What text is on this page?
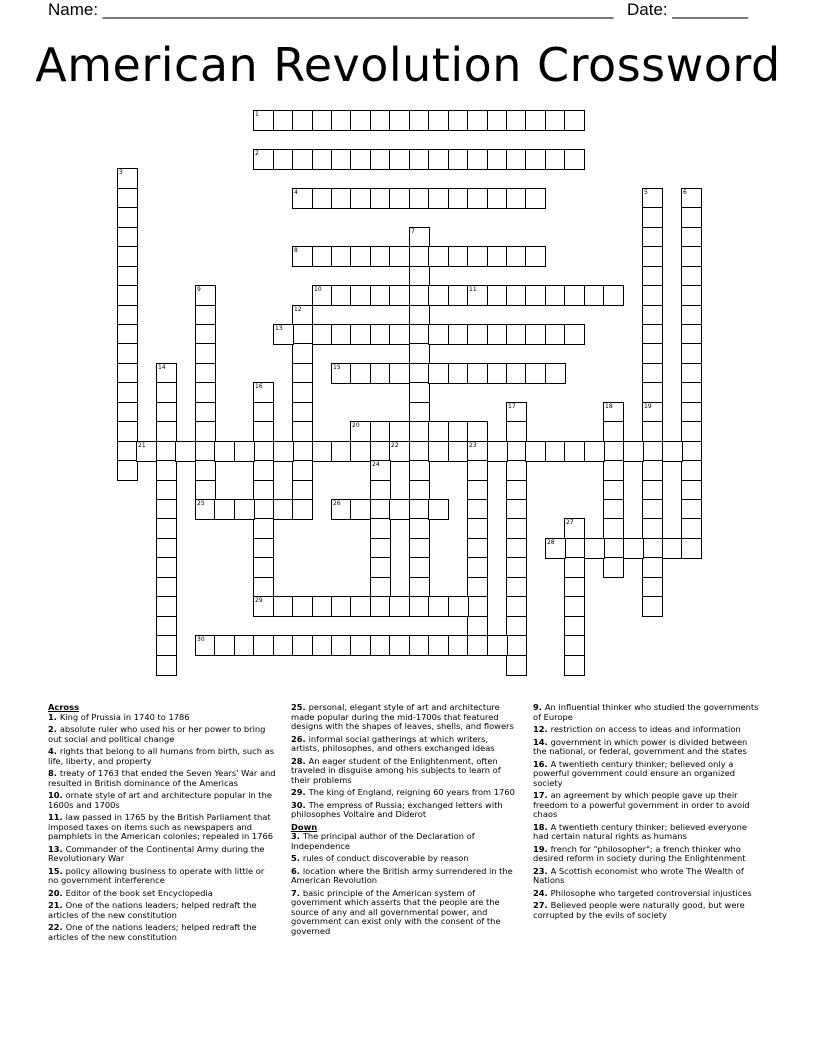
Name: ______________________________________________________ Date: ________
American Revolution Crossword
1
2
3
4	5	6
7
8
9	10	11
12
13
14	15
16
29
17	18	19
20
21	22	23
24
25	26
27
28
30
Across
1. King of Prussia in 1740 to 1786
2. absolute ruler who used his or her power to bring out social and political change
4. rights that belong to all humans from birth, such as life, liberty, and property
8. treaty of 1763 that ended the Seven Years' War and resulted in British dominance of the Americas
10. ornate style of art and architecture popular in the 1600s and 1700s
11. law passed in 1765 by the British Parliament that imposed taxes on items such as newspapers and pamphlets in the American colonies; repealed in 1766
13. Commander of the Continental Army during the Revolutionary War
15. policy allowing business to operate with little or no government interference
20. Editor of the book set Encyclopedia
21. One of the nations leaders; helped redraft the articles of the new constitution
22. One of the nations leaders; helped redraft the articles of the new constitution
25. personal, elegant style of art and architecture made popular during the mid-1700s that featured designs with the shapes of leaves, shells, and flowers
26. informal social gatherings at which writers, artists, philosophes, and others exchanged ideas
28. An eager student of the Enlightenment, often traveled in disguise among his subjects to learn of their problems
29. The king of England, reigning 60 years from 1760
30. The empress of Russia; exchanged letters with philosophes Voltaire and Diderot
Down
3. The principal author of the Declaration of Independence
5. rules of conduct discoverable by reason
6. location where the British army surrendered in the American Revolution
7. basic principle of the American system of government which asserts that the people are the source of any and all governmental power, and government can exist only with the consent of the governed
9. An influential thinker who studied the governments of Europe
12. restriction on access to ideas and information
14. government in which power is divided between the national, or federal, government and the states
16. A twentieth century thinker; believed only a powerful government could ensure an organized society
17. an agreement by which people gave up their freedom to a powerful government in order to avoid chaos
18. A twentieth century thinker; believed everyone had certain natural rights as humans
19. french for "philosopher"; a french thinker who desired reform in society during the Enlightenment
23. A Scottish economist who wrote The Wealth of Nations
24. Philosophe who targeted controversial injustices
27. Believed people were naturally good, but were corrupted by the evils of society
